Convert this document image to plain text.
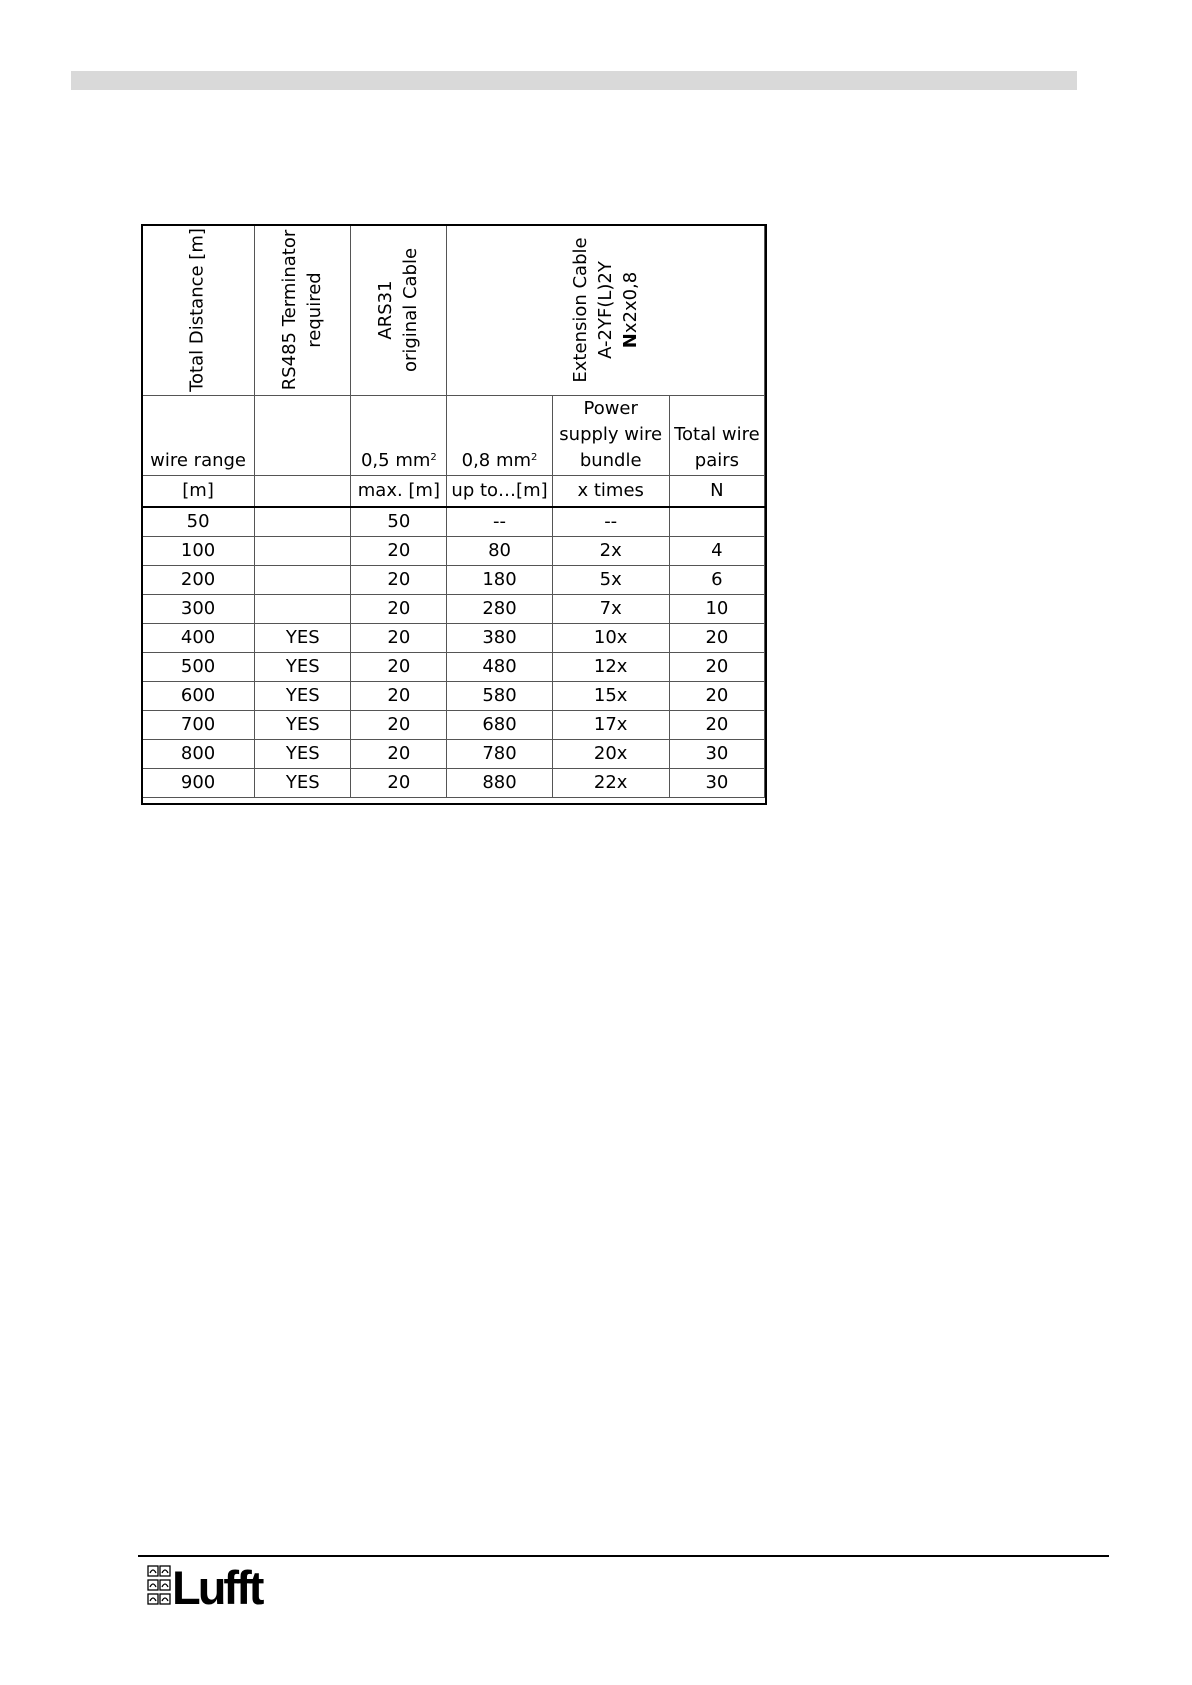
Total Distance [m]	RS485 Terminator required	ARS31 original Cable	Extension Cable A-2YF(L)2Y Nx2x0,8		

wire range		0,5 $mm^2$	0,8 $mm^2$	Power supply wire bundle	Total wire pairs
[m]		max. [m]	up to…[m]	x times	N
50		50	--	--	
100		20	80	2x	4
200		20	180	5x	6
300		20	280	7x	10
400	YES	20	380	10x	20
500	YES	20	480	12x	20
600	YES	20	580	15x	20
700	YES	20	680	17x	20
800	YES	20	780	20x	30
900	YES	20	880	22x	30
Lufft
